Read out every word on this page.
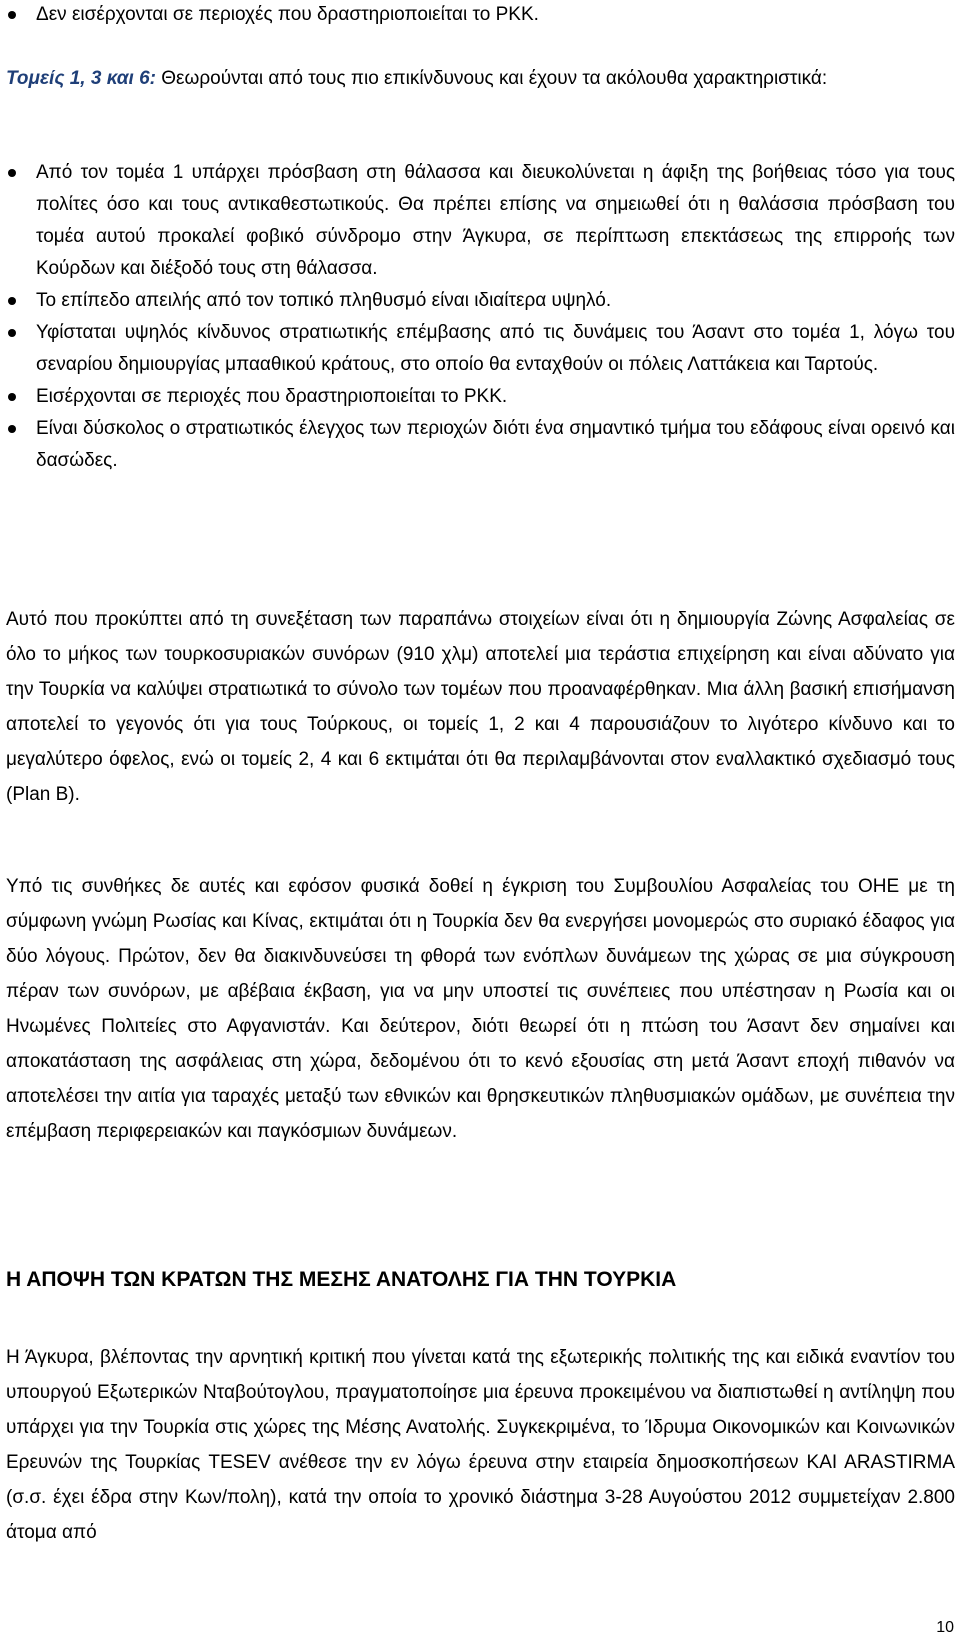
Δεν εισέρχονται σε περιοχές που δραστηριοποιείται το PKK.

Τομείς 1, 3 και 6: Θεωρούνται από τους πιο επικίνδυνους και έχουν τα ακόλουθα χαρακτηριστικά:

Από τον τομέα 1 υπάρχει πρόσβαση στη θάλασσα και διευκολύνεται η άφιξη της βοήθειας τόσο για τους πολίτες όσο και τους αντικαθεστωτικούς. Θα πρέπει επίσης να σημειωθεί ότι η θαλάσσια πρόσβαση του τομέα αυτού προκαλεί φοβικό σύνδρομο στην Άγκυρα, σε περίπτωση επεκτάσεως της επιρροής των Κούρδων και διέξοδό τους στη θάλασσα.
Το επίπεδο απειλής από τον τοπικό πληθυσμό είναι ιδιαίτερα υψηλό.
Υφίσταται υψηλός κίνδυνος στρατιωτικής επέμβασης από τις δυνάμεις του Άσαντ στο τομέα 1, λόγω του σεναρίου δημιουργίας μπααθικού κράτους, στο οποίο θα ενταχθούν οι πόλεις Λαττάκεια και Ταρτούς.
Εισέρχονται σε περιοχές που δραστηριοποιείται το PKK.
Είναι δύσκολος ο στρατιωτικός έλεγχος των περιοχών διότι ένα σημαντικό τμήμα του εδάφους είναι ορεινό και δασώδες.

Αυτό που προκύπτει από τη συνεξέταση των παραπάνω στοιχείων είναι ότι η δημιουργία Ζώνης Ασφαλείας σε όλο το μήκος των τουρκοσυριακών συνόρων (910 χλμ) αποτελεί μια τεράστια επιχείρηση και είναι αδύνατο για την Τουρκία να καλύψει στρατιωτικά το σύνολο των τομέων που προαναφέρθηκαν. Μια άλλη βασική επισήμανση αποτελεί το γεγονός ότι για τους Τούρκους, οι τομείς 1, 2 και 4 παρουσιάζουν το λιγότερο κίνδυνο και το μεγαλύτερο όφελος, ενώ οι τομείς 2, 4 και 6 εκτιμάται ότι θα περιλαμβάνονται στον εναλλακτικό σχεδιασμό τους (Plan B).

Υπό τις συνθήκες δε αυτές και εφόσον φυσικά δοθεί η έγκριση του Συμβουλίου Ασφαλείας του ΟΗΕ με τη σύμφωνη γνώμη Ρωσίας και Κίνας, εκτιμάται ότι η Τουρκία δεν θα ενεργήσει μονομερώς στο συριακό έδαφος για δύο λόγους. Πρώτον, δεν θα διακινδυνεύσει τη φθορά των ενόπλων δυνάμεων της χώρας σε μια σύγκρουση πέραν των συνόρων, με αβέβαια έκβαση, για να μην υποστεί τις συνέπειες που υπέστησαν η Ρωσία και οι Ηνωμένες Πολιτείες στο Αφγανιστάν. Και δεύτερον, διότι θεωρεί ότι η πτώση του Άσαντ δεν σημαίνει και αποκατάσταση της ασφάλειας στη χώρα, δεδομένου ότι το κενό εξουσίας στη μετά Άσαντ εποχή πιθανόν να αποτελέσει την αιτία για ταραχές μεταξύ των εθνικών και θρησκευτικών πληθυσμιακών ομάδων, με συνέπεια την επέμβαση περιφερειακών και παγκόσμιων δυνάμεων.

Η ΑΠΟΨΗ ΤΩΝ ΚΡΑΤΩΝ ΤΗΣ ΜΕΣΗΣ ΑΝΑΤΟΛΗΣ ΓΙΑ ΤΗΝ ΤΟΥΡΚΙΑ

Η Άγκυρα, βλέποντας την αρνητική κριτική που γίνεται κατά της εξωτερικής πολιτικής της και ειδικά εναντίον του υπουργού Εξωτερικών Νταβούτογλου, πραγματοποίησε μια έρευνα προκειμένου να διαπιστωθεί η αντίληψη που υπάρχει για την Τουρκία στις χώρες της Μέσης Ανατολής. Συγκεκριμένα, το Ίδρυμα Οικονομικών και Κοινωνικών Ερευνών της Τουρκίας TESEV ανέθεσε την εν λόγω έρευνα στην εταιρεία δημοσκοπήσεων KAI ARASTIRMA (σ.σ. έχει έδρα στην Κων/πολη), κατά την οποία το χρονικό διάστημα 3-28 Αυγούστου 2012 συμμετείχαν 2.800 άτομα από

10
